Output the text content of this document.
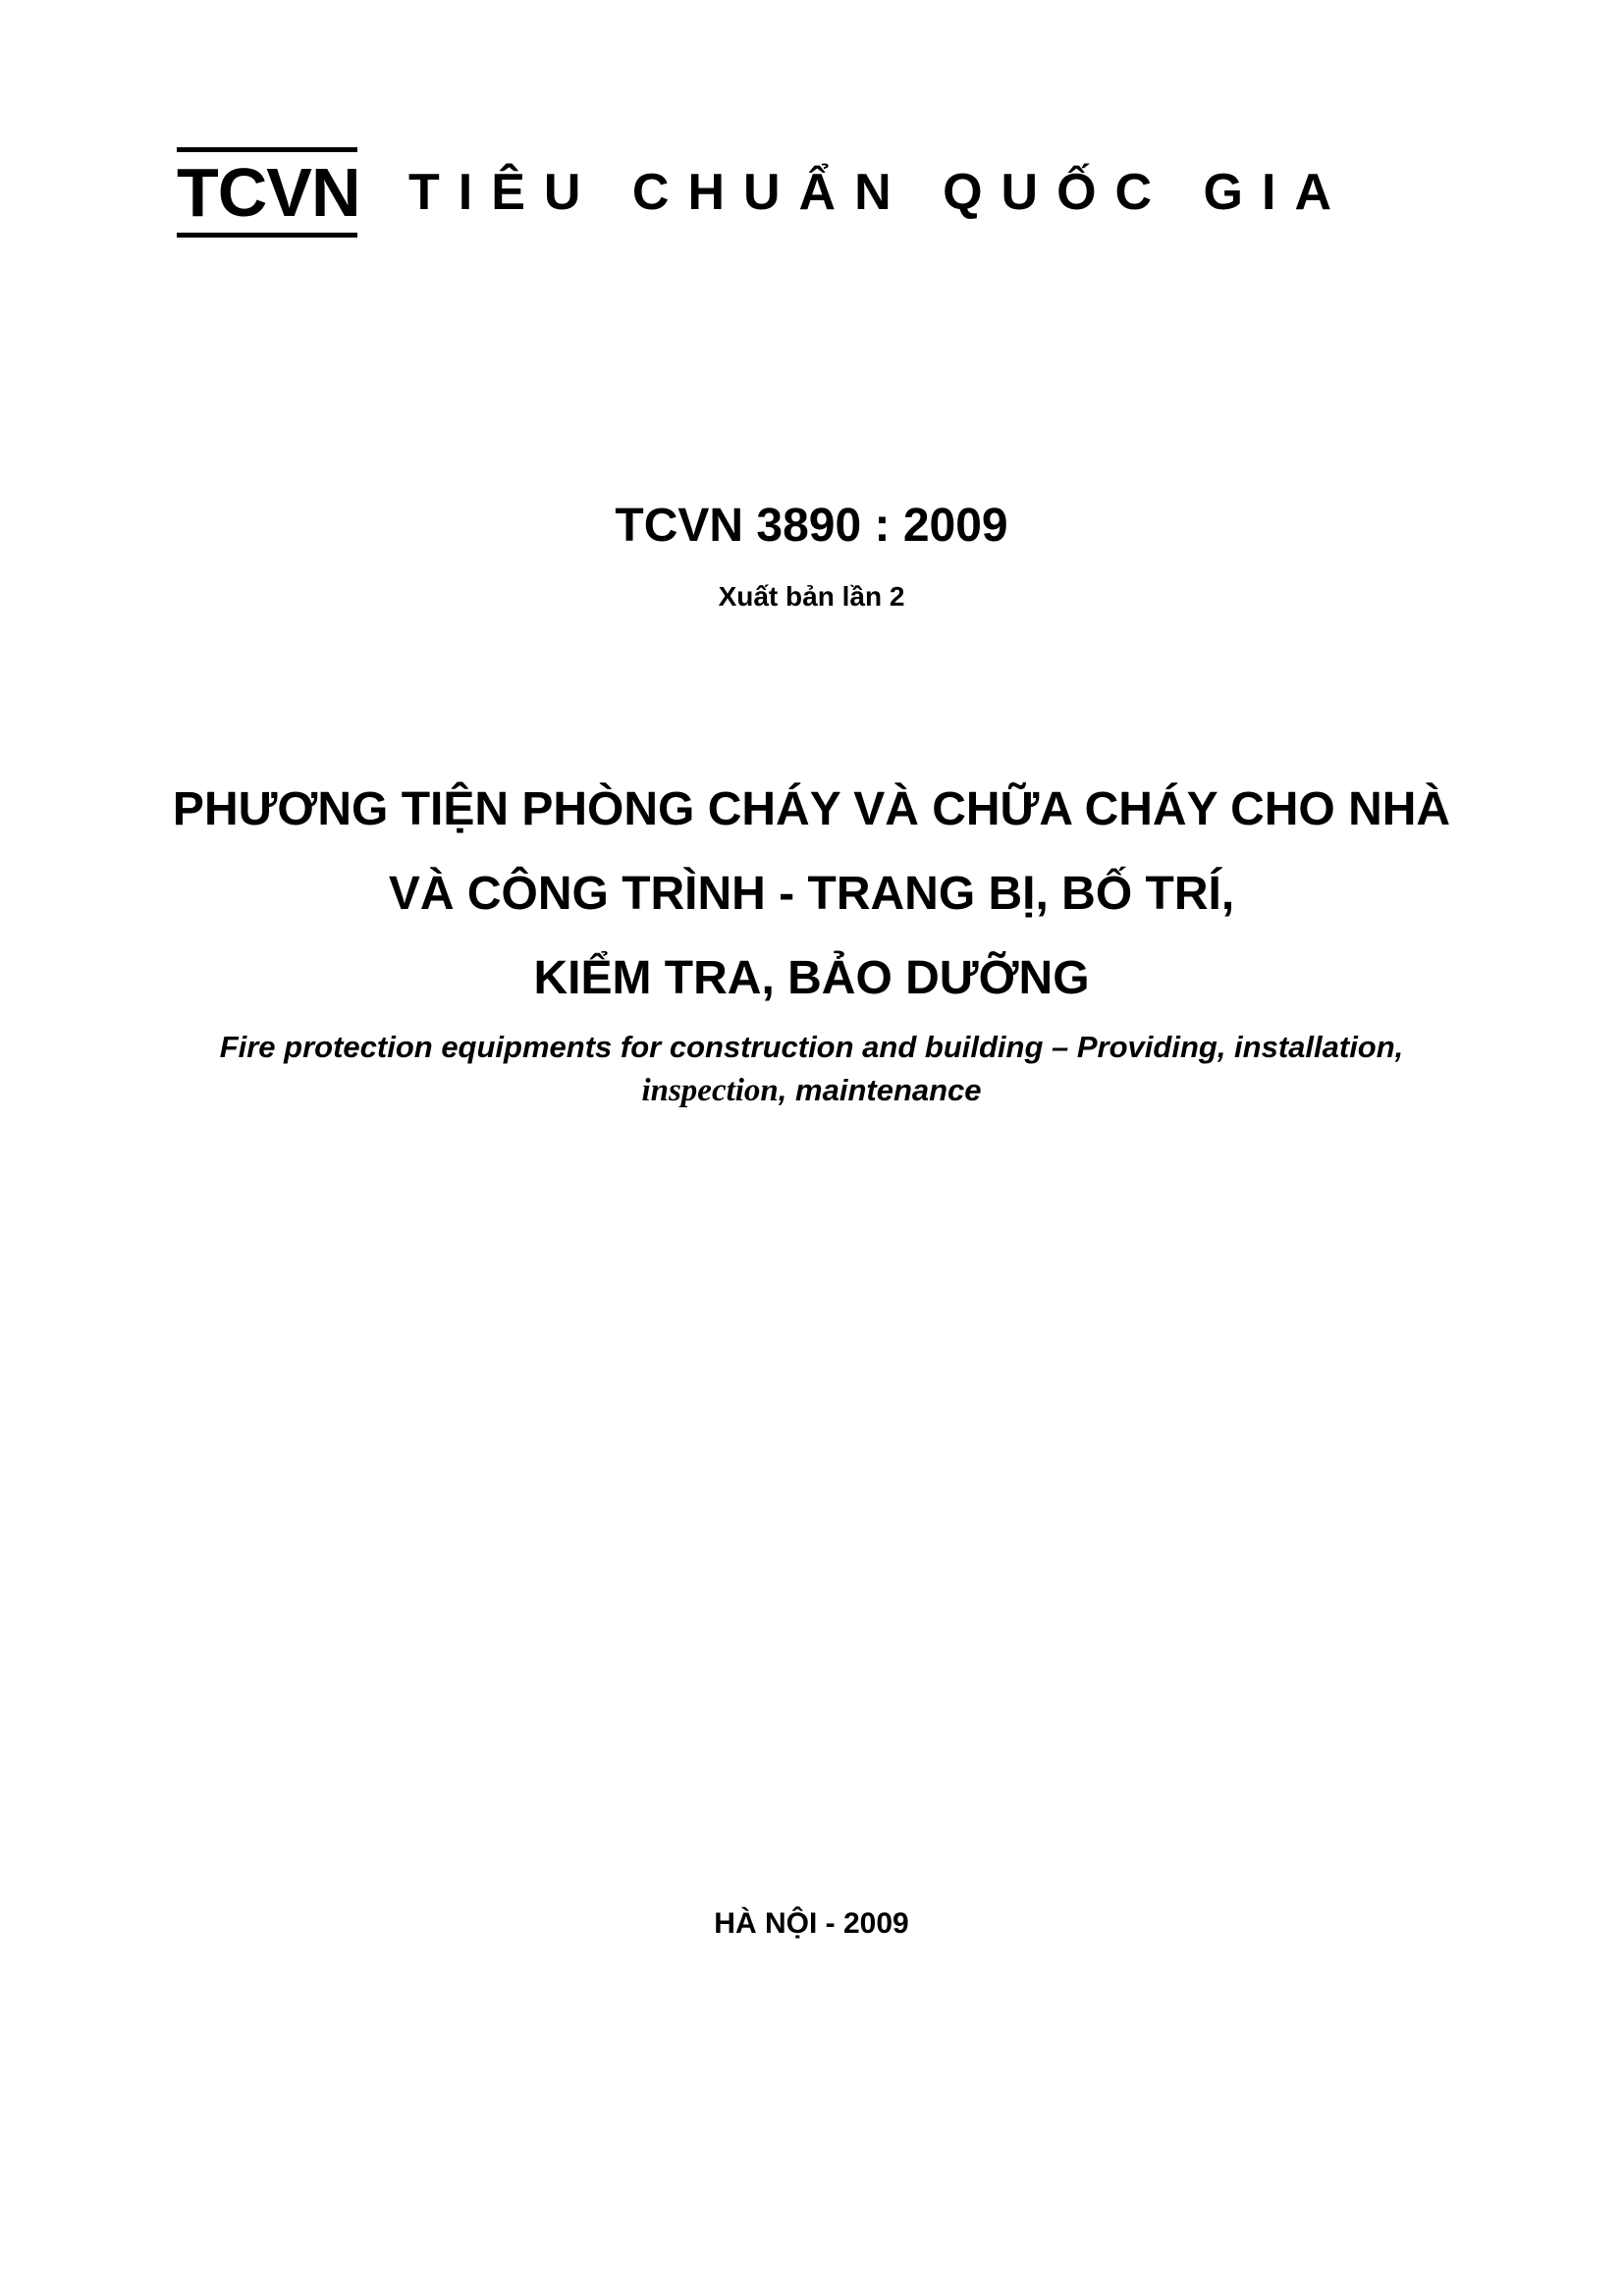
TCVN TIÊU CHUẨN QUỐC GIA
TCVN 3890 : 2009
Xuất bản lần 2
PHƯƠNG TIỆN PHÒNG CHÁY VÀ CHỮA CHÁY CHO NHÀ
VÀ CÔNG TRÌNH - TRANG BỊ, BỐ TRÍ,
KIỂM TRA, BẢO DƯỠNG
Fire protection equipments for construction and building – Providing, installation,
inspection, maintenance
HÀ NỘI - 2009
